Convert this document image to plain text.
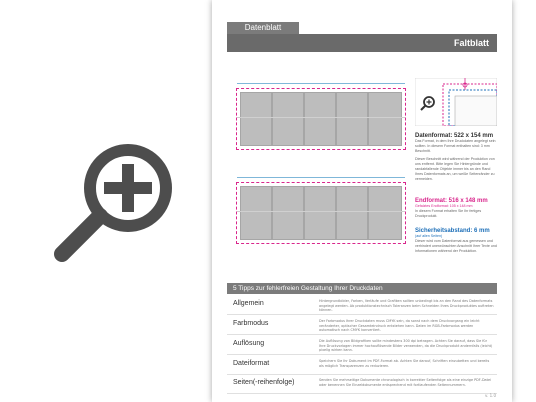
Datenblatt
Faltblatt
Datenformat: 522 x 154 mm

Das Format, in dem Ihre Druckdaten angelegt sein sollten. In diesem Format enthalten sind: 3 mm Beschnitt.

Dieser Beschnitt wird während der Produktion von uns entfernt. Bitte legen Sie Hintergründe und randabfallende Objekte immer bis an den Rand Ihres Datenformats an, um weiße Seitenränder zu vermeiden.

Endformat: 516 x 148 mm

Gefalztes Endformat: 105 x 148 mm

In diesem Format erhalten Sie Ihr fertiges Druckprodukt.

Sicherheitsabstand: 6 mm

(auf allen Seiten)

Dieser wird vom Datenformat aus gemessen und verhindert unerwünschten Anschnitt Ihrer Texte und Informationen während der Produktion.

5 Tipps zur fehlerfreien Gestaltung Ihrer Druckdaten
Allgemein	Hintergrundbilder, Farben, Verläufe und Grafiken sollten unbedingt bis an den Rand des Datenformats angelegt werden. Ab produktionstechnisch Toleranzen beim Schneiden Ihres Druckproduktes auftreten können.
Farbmodus	Der Farbmodus Ihrer Druckdaten muss CMYK sein, da sonst nach dem Druckvorgang ein leicht veränderter, optischer Gesamteindruck entstehen kann. Daten im RGB-Farbmodus werden automatisch nach CMYK konvertiert.
Auflösung	Die Auflösung von Bildgrafiken sollte mindestens 300 dpi betragen. Achten Sie darauf, dass Sie für Ihre Druckvorlagen immer hochauflösende Bilder verwenden, da die Druckprodukt andernfalls (leicht) pixelig wirken kann.
Dateiformat	Speichern Sie Ihr Dokument im PDF-Format ab. Achten Sie darauf, Schriften einzubetten und bereits als möglich Transparenzen zu reduzieren.
Seiten(-reihenfolge)	Senden Sie mehrseitige Dokumente chronologisch in korrekter Seitenfolge als eine einzige PDF-Datei oder benennen Sie Einzeldokumente entsprechend mit fortlaufenden Seitennummern.
v. 1.0
